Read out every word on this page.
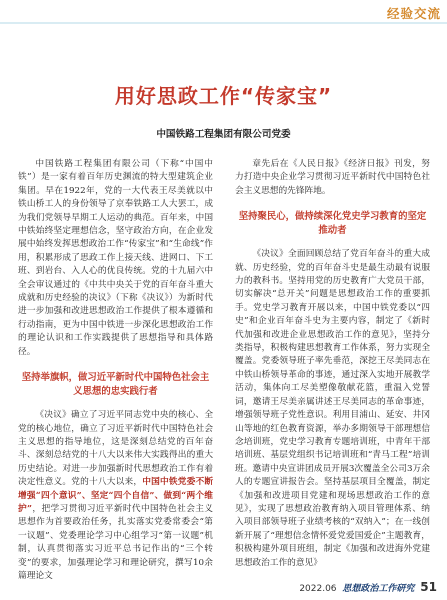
经验交流
用好思政工作“传家宝”
中国铁路工程集团有限公司党委

中国铁路工程集团有限公司（下称“中国中铁”）是一家有着百年历史渊流的特大型建筑企业集团。早在1922年，党的一大代表王尽美就以中铁山桥工人的身份领导了京奉铁路工人大罢工，成为我们党领导早期工人运动的典范。百年来，中国中铁始终坚定理想信念，坚守政治方向，在企业发展中始终发挥思想政治工作“传家宝”和“生命线”作用，积累形成了思政工作上接天线、进网口、下工班、到岩台、入人心的优良传统。党的十九届六中全会审议通过的《中共中央关于党的百年奋斗重大成就和历史经验的决议》（下称《决议》）为新时代进一步加强和改进思想政治工作提供了根本遵循和行动指南，更为中国中铁进一步深化思想政治工作的理论认识和工作实践提供了思想指导和具体路径。

坚持举旗帜，做习近平新时代中国特色社会主义思想的忠实践行者

《决议》确立了习近平同志党中央的核心、全党的核心地位，确立了习近平新时代中国特色社会主义思想的指导地位，这是深刻总结党的百年奋斗、深刻总结党的十八大以来伟大实践得出的重大历史结论。对进一步加强新时代思想政治工作有着决定性意义。党的十八大以来，中国中铁党委不断增强“四个意识”、坚定“四个自信”、做到“两个维护”，把学习贯彻习近平新时代中国特色社会主义思想作为首要政治任务，扎实落实党委常委会“第一议题”、党委理论学习中心组学习“第一议题”机制，认真贯彻落实习近平总书记作出的“三个转变”的要求，加强理论学习和理论研究，撰写10余篇理论文

章先后在《人民日报》《经济日报》刊发，努力打造中央企业学习贯彻习近平新时代中国特色社会主义思想的先锋阵地。

坚持聚民心，做持续深化党史学习教育的坚定推动者

《决议》全面回顾总结了党百年奋斗的重大成就、历史经验，党的百年奋斗史是最生动最有说服力的教科书。坚持用党的历史教育广大党员干部，切实解决“总开关”问题是思想政治工作的重要抓手。党史学习教育开展以来，中国中铁党委以“四史”和企业百年奋斗史为主要内容，制定了《新时代加强和改进企业思想政治工作的意见》，坚持分类指导，积极构建思想教育工作体系，努力实现全覆盖。党委领导班子率先垂范，深挖王尽美同志在中铁山桥领导革命的事迹，通过深入实地开展教学活动，集体向工尽美塑像敬献花篮，重温入党誓词，邀请王尽美亲属讲述王尽美同志的革命事迹，增强领导班子党性意识。利用目浦山、延安、井冈山等地的红色教育资源，举办多期领导干部理想信念培训班，党史学习教育专题培训班，中青年干部培训班、基层党组织书记培训班和“青马工程”培训班。邀请中央宣讲团成员开展3次覆盖全公司3万余人的专题宣讲报告会。坚持基层项目全覆盖，制定《加强和改进项目党建和现场思想政治工作的意见》，实现了思想政治教育纳入项目管理体系、纳入项目部领导班子业绩考核的“双纳入”；在一线创新开展了“理想信念情怀爱党爱国爱企”主题教育，积极构建外项目班组，制定《加强和改进海外党建思想政治工作的意见》

2022.06 思想政治工作研究 51
